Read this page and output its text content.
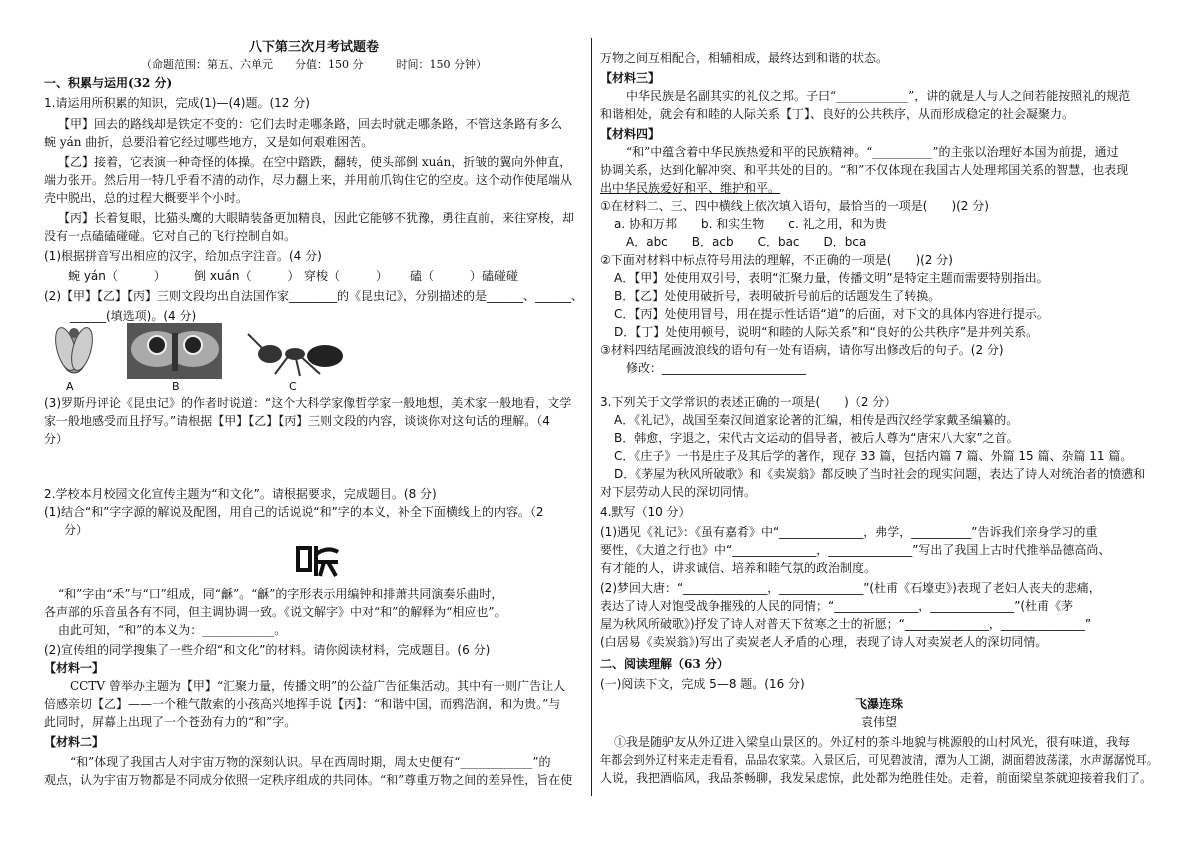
八下第三次月考试题卷
（命题范围：第五、六单元　　分值：150 分　　　时间：150 分钟）
一、积累与运用(32 分)
1.请运用所积累的知识，完成(1)—(4)题。(12 分)
【甲】回去的路线却是铁定不变的：它们去时走哪条路，回去时就走哪条路，不管这条路有多么
蜿 yán 曲折，总要沿着它经过哪些地方，又是如何艰难困苦。
【乙】接着，它表演一种奇怪的体操。在空中踏跌，翻转，使头部倒 xuán，折皱的翼向外伸直，
端力张开。然后用一特几乎看不清的动作，尽力翻上来，并用前爪钩住它的空皮。这个动作使尾端从
壳中脱出，总的过程大概要半个小时。
【丙】长着复眼，比猫头鹰的大眼睛装备更加精良，因此它能够不犹豫，勇往直前，来往穿梭，却
没有一点磕磕碰碰。它对自己的飞行控制自如。
(1)根据拼音写出相应的汉字，给加点字注音。(4 分)
蜿 yán（　　　） 倒 xuán（　　　） 穿梭（　　　） 磕（　　　）磕碰碰
(2)【甲】【乙】【丙】三则文段均出自法国作家________的《昆虫记》，分别描述的是______、______、
______(填选项)。(4 分)
A	B	C
(3)罗斯丹评论《昆虫记》的作者时说道：“这个大科学家像哲学家一般地想，美术家一般地看，文学
家一般地感受而且抒写。”请根据【甲】【乙】【丙】三则文段的内容，谈谈你对这句话的理解。（4
分）
2.学校本月校园文化宣传主题为“和文化”。请根据要求，完成题目。(8 分)
(1)结合“和”字字源的解说及配图，用自己的话说说“和”字的本义，补全下面横线上的内容。（2
分）
“和”字由“禾”与“口”组成，同“龢”。“龢”的字形表示用编钟和排萧共同演奏乐曲时，
各声部的乐音虽各有不同，但主调协调一致。《说文解字》中对“和”的解释为“相应也”。
由此可知，“和”的本义为：____________。
(2)宣传组的同学搜集了一些介绍“和文化”的材料。请你阅读材料，完成题目。(6 分)
【材料一】
CCTV 曾举办主题为【甲】“汇聚力量，传播文明”的公益广告征集活动。其中有一则广告让人
倍感亲切【乙】——一个稚气散索的小孩高兴地挥手说【丙】：“和谐中国，而鸦浩润，和为贵。”与
此同时，屏幕上出现了一个苍劲有力的“和”字。
【材料二】
“和”体现了我国古人对宇宙万物的深刻认识。早在西周时期，周太史便有“____________”的
观点，认为宇宙万物都是不同成分依照一定秩序组成的共同体。“和”尊重万物之间的差异性，旨在使
万物之间互相配合，相辅相成，最终达到和谐的状态。
【材料三】
中华民族是名副其实的礼仪之邦。子曰“____________”，讲的就是人与人之间若能按照礼的规范
和谐相处，就会有和睦的人际关系【丁】、良好的公共秩序，从而形成稳定的社会凝聚力。
【材料四】
“和”中蕴含着中华民族热爱和平的民族精神。“__________”的主张以治理好本国为前提，通过
协调关系，达到化解冲突、和平共处的目的。“和”不仅体现在我国古人处理邦国关系的智慧，也表现
出中华民族爱好和平、维护和平。
①在材料二、三、四中横线上依次填入语句，最恰当的一项是(　　)(2 分)
a. 协和万邦　　b. 和实生物　　c. 礼之用，和为贵
A．abc　　B．acb　　C．bac　　D．bca
②下面对材料中标点符号用法的理解，不正确的一项是(　　)(2 分)
A．【甲】处使用双引号，表明“汇聚力量，传播文明”是特定主题而需要特别指出。
B．【乙】处使用破折号，表明破折号前后的话题发生了转换。
C．【丙】处使用冒号，用在提示性话语“道”的后面，对下文的具体内容进行提示。
D．【丁】处使用顿号，说明“和睦的人际关系”和“良好的公共秩序”是并列关系。
③材料四结尾画波浪线的语句有一处有语病，请你写出修改后的句子。(2 分)
修改：________________________
3.下列关于文学常识的表述正确的一项是(　　)（2 分）
A．《礼记》，战国至秦汉间道家论著的汇编，相传是西汉经学家戴圣编纂的。
B．韩愈，字退之，宋代古文运动的倡导者，被后人尊为“唐宋八大家”之首。
C．《庄子》一书是庄子及其后学的著作，现存 33 篇，包括内篇 7 篇、外篇 15 篇、杂篇 11 篇。
D．《茅屋为秋风所破歌》和《卖炭翁》都反映了当时社会的现实问题，表达了诗人对统治者的愤懑和
对下层劳动人民的深切同情。
4.默写（10 分）
(1)遇见《礼记》：《虽有嘉肴》中“______________，弗学，__________”告诉我们亲身学习的重
要性，《大道之行也》中“______________，______________”写出了我国上古时代推举品德高尚、
有才能的人，讲求诚信、培养和睦气氛的政治制度。
(2)梦回大唐：“______________，______________”(杜甫《石壕吏》)表现了老妇人丧夫的悲痛，
表达了诗人对饱受战争摧残的人民的同情；“______________，______________”(杜甫《茅
屋为秋风所破歌》)抒发了诗人对普天下贫寒之士的祈愿；“______________，______________”
(白居易《卖炭翁》)写出了卖炭老人矛盾的心理，表现了诗人对卖炭老人的深切同情。
二、阅读理解（63 分）
(一)阅读下文，完成 5—8 题。(16 分)
飞瀑连珠
袁伟望
①我是随驴友从外辽进入梁皇山景区的。外辽村的茶斗地貌与桃源般的山村风光，很有味道，我每
年都会到外辽村来走走看看，品品农家菜。入景区后，可见碧波清，潭为人工湖，湖面碧波荡漾，水声潺潺悦耳。
人说，我把酒临风，我品茶畅聊，我发呆虑惊，此处都为绝胜佳处。走着，前面梁皇茶就迎接着我们了。
